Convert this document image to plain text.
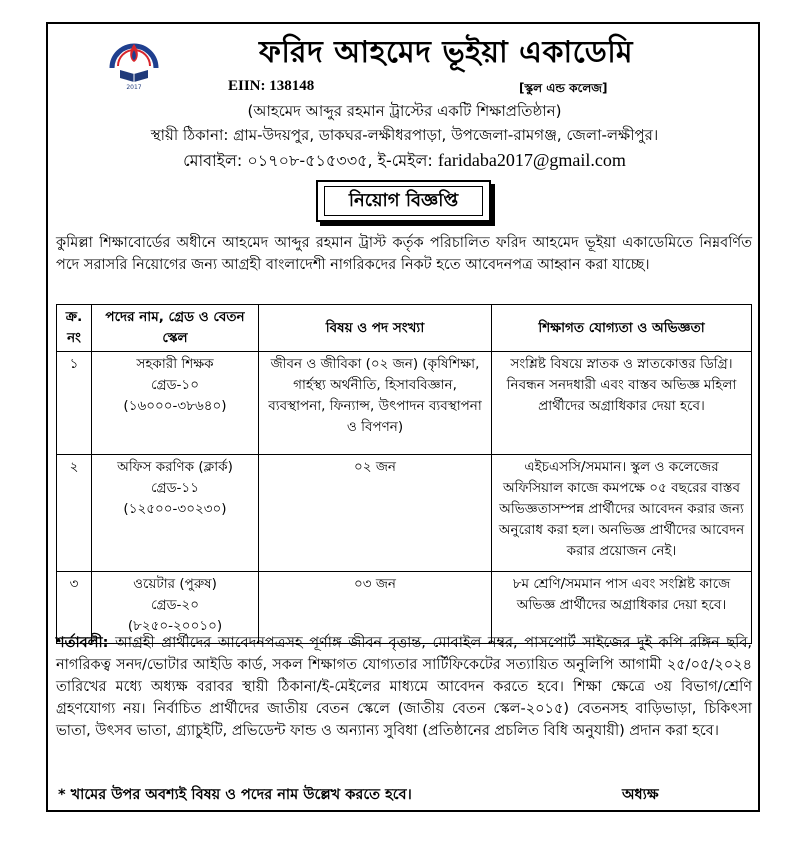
2017
ফরিদ আহমেদ ভূইয়া একাডেমি
EIIN: 138148	[স্কুল এন্ড কলেজ]
(আহমেদ আব্দুর রহমান ট্রাস্টের একটি শিক্ষাপ্রতিষ্ঠান)
স্থায়ী ঠিকানা: গ্রাম-উদয়পুর, ডাকঘর-লক্ষীধরপাড়া, উপজেলা-রামগঞ্জ, জেলা-লক্ষীপুর।
মোবাইল: ০১৭০৮-৫১৫৩৩৫, ই-মেইল: faridaba2017@gmail.com
নিয়োগ বিজ্ঞপ্তি
কুমিল্লা শিক্ষাবোর্ডের অধীনে আহমেদ আব্দুর রহমান ট্রাস্ট কর্তৃক পরিচালিত ফরিদ আহমেদ ভূইয়া একাডেমিতে নিম্নবর্ণিত পদে সরাসরি নিয়োগের জন্য আগ্রহী বাংলাদেশী নাগরিকদের নিকট হতে আবেদনপত্র আহ্বান করা যাচ্ছে।
ক্র. নং	পদের নাম, গ্রেড ও বেতন স্কেল	বিষয় ও পদ সংখ্যা	শিক্ষাগত যোগ্যতা ও অভিজ্ঞতা
১	সহকারী শিক্ষক
গ্রেড-১০
(১৬০০০-৩৮৬৪০)	জীবন ও জীবিকা (০২ জন) (কৃষিশিক্ষা, গার্হস্থ্য অর্থনীতি, হিসাববিজ্ঞান, ব্যবস্থাপনা, ফিন্যান্স, উৎপাদন ব্যবস্থাপনা ও বিপণন)	সংশ্লিষ্ট বিষয়ে স্নাতক ও স্নাতকোত্তর ডিগ্রি। নিবন্ধন সনদধারী এবং বাস্তব অভিজ্ঞ মহিলা প্রার্থীদের অগ্রাধিকার দেয়া হবে।
২	অফিস করণিক (ক্লার্ক)
গ্রেড-১১
(১২৫০০-৩০২৩০)	০২ জন	এইচএসসি/সমমান। স্কুল ও কলেজের অফিসিয়াল কাজে কমপক্ষে ০৫ বছরের বাস্তব অভিজ্ঞতাসম্পন্ন প্রার্থীদের আবেদন করার জন্য অনুরোধ করা হল। অনভিজ্ঞ প্রার্থীদের আবেদন করার প্রয়োজন নেই।
৩	ওয়েটার (পুরুষ)
গ্রেড-২০
(৮২৫০-২০০১০)	০৩ জন	৮ম শ্রেণি/সমমান পাস এবং সংশ্লিষ্ট কাজে অভিজ্ঞ প্রার্থীদের অগ্রাধিকার দেয়া হবে।
শর্তাবলী: আগ্রহী প্রার্থীদের আবেদনপত্রসহ পূর্ণাঙ্গ জীবন বৃত্তান্ত, মোবাইল নম্বর, পাসপোর্ট সাইজের দুই কপি রঙ্গিন ছবি, নাগরিকত্ব সনদ/ভোটার আইডি কার্ড, সকল শিক্ষাগত যোগ্যতার সার্টিফিকেটের সত্যায়িত অনুলিপি আগামী ২৫/০৫/২০২৪ তারিখের মধ্যে অধ্যক্ষ বরাবর স্থায়ী ঠিকানা/ই-মেইলের মাধ্যমে আবেদন করতে হবে। শিক্ষা ক্ষেত্রে ৩য় বিভাগ/শ্রেণি গ্রহণযোগ্য নয়। নির্বাচিত প্রার্থীদের জাতীয় বেতন স্কেলে (জাতীয় বেতন স্কেল-২০১৫) বেতনসহ বাড়িভাড়া, চিকিৎসা ভাতা, উৎসব ভাতা, গ্র্যাচুইটি, প্রভিডেন্ট ফান্ড ও অন্যান্য সুবিধা (প্রতিষ্ঠানের প্রচলিত বিধি অনুযায়ী) প্রদান করা হবে।
* খামের উপর অবশ্যই বিষয় ও পদের নাম উল্লেখ করতে হবে।	অধ্যক্ষ
